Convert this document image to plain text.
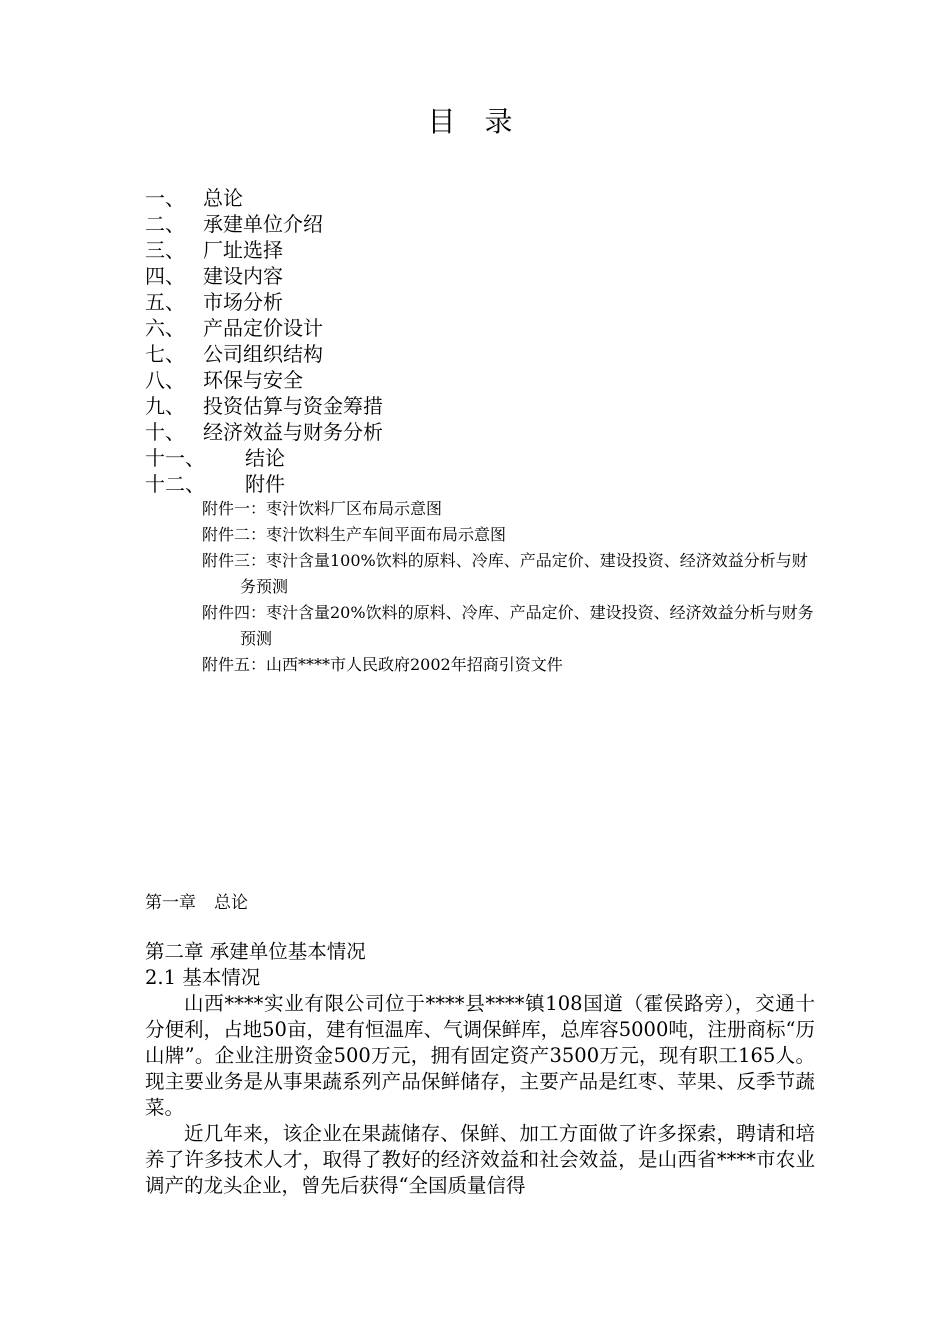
目 录
一、 总论
二、 承建单位介绍
三、 厂址选择
四、 建设内容
五、 市场分析
六、 产品定价设计
七、 公司组织结构
八、 环保与安全
九、 投资估算与资金筹措
十、 经济效益与财务分析
十一、 结论
十二、 附件
附件一：枣汁饮料厂区布局示意图
附件二：枣汁饮料生产车间平面布局示意图
附件三：枣汁含量100%饮料的原料、冷库、产品定价、建设投资、经济效益分析与财务预测
附件四：枣汁含量20%饮料的原料、冷库、产品定价、建设投资、经济效益分析与财务预测
附件五：山西****市人民政府2002年招商引资文件
第一章 总论

第二章 承建单位基本情况

2.1 基本情况

山西****实业有限公司位于****县****镇108国道（霍侯路旁），交通十分便利，占地50亩，建有恒温库、气调保鲜库，总库容5000吨，注册商标“历山牌”。企业注册资金500万元，拥有固定资产3500万元，现有职工165人。现主要业务是从事果蔬系列产品保鲜储存，主要产品是红枣、苹果、反季节蔬菜。

近几年来，该企业在果蔬储存、保鲜、加工方面做了许多探索，聘请和培养了许多技术人才，取得了教好的经济效益和社会效益，是山西省****市农业调产的龙头企业，曾先后获得“全国质量信得
